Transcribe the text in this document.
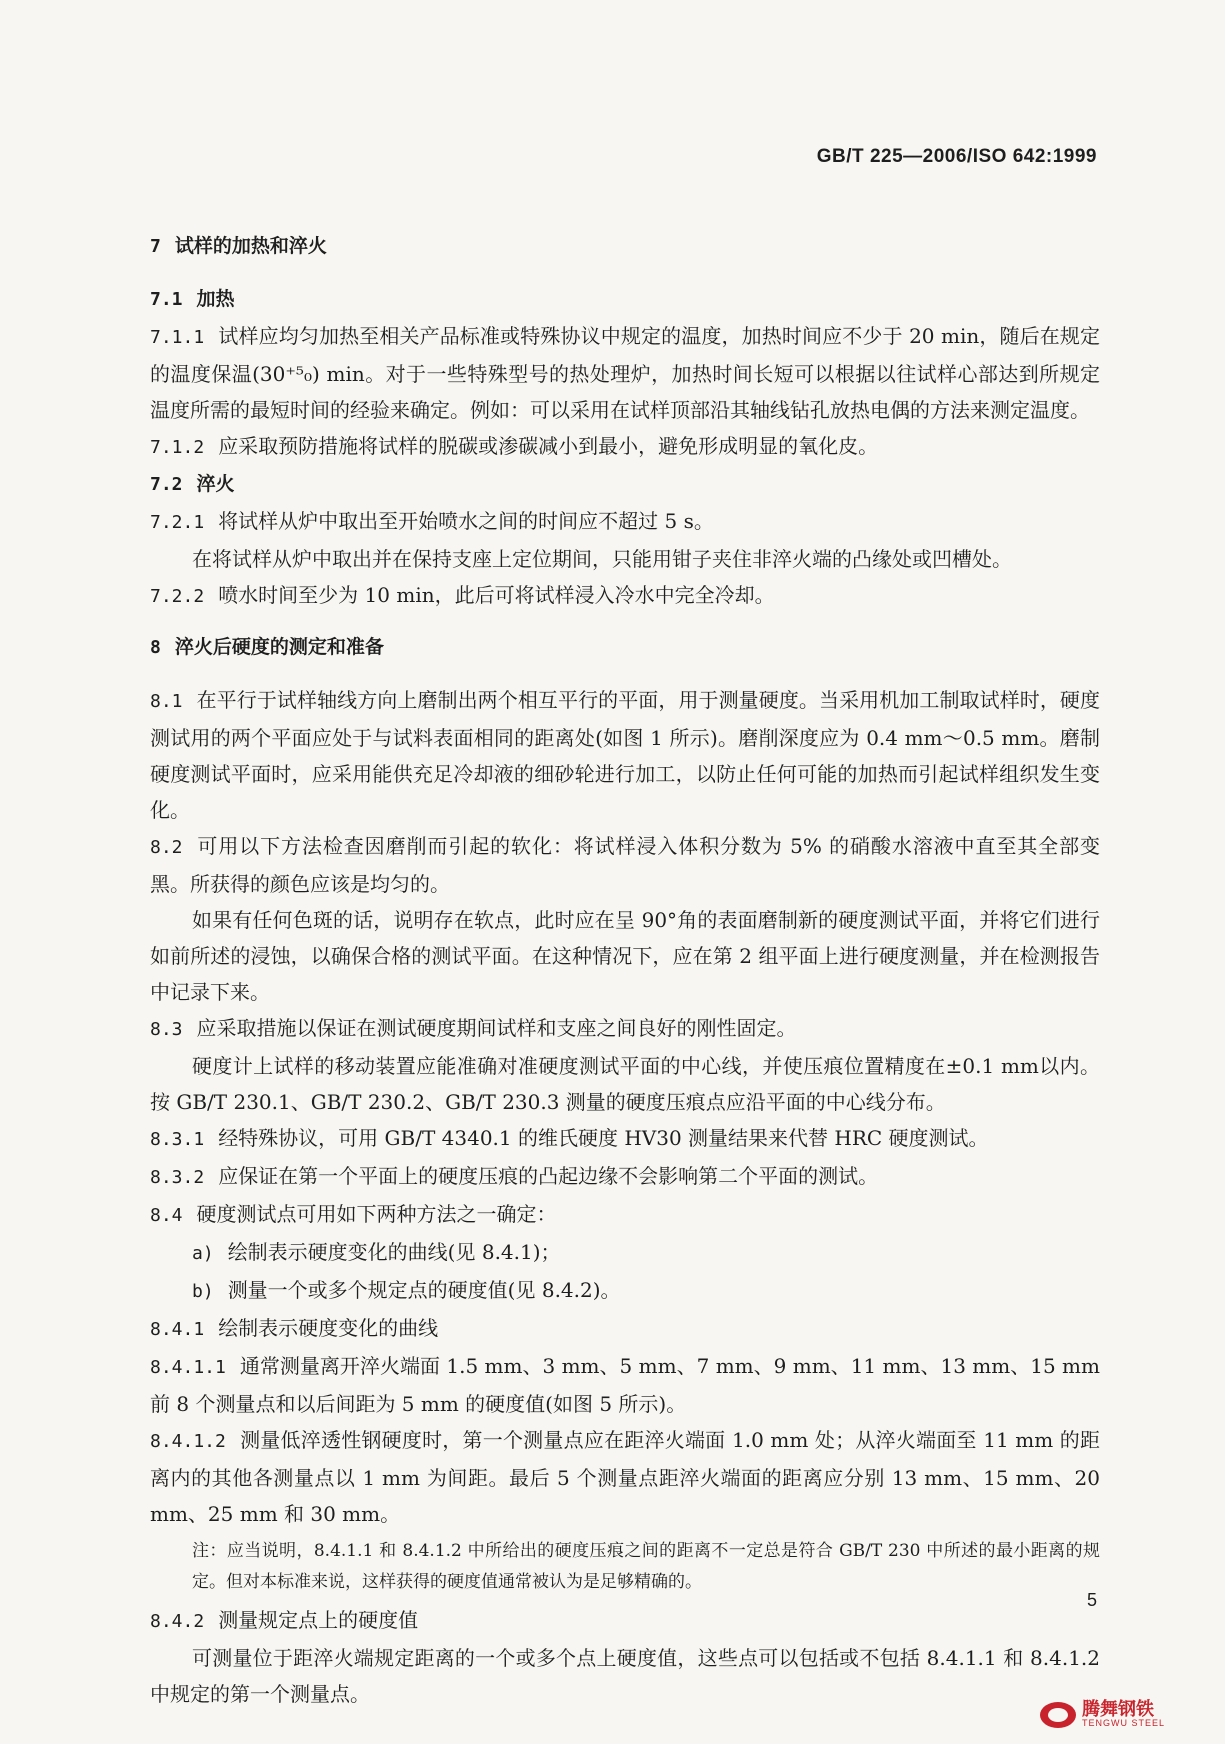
GB/T 225—2006/ISO 642:1999
7 试样的加热和淬火

7.1 加热

7.1.1 试样应均匀加热至相关产品标准或特殊协议中规定的温度，加热时间应不少于 20 min，随后在规定的温度保温(30⁺⁵₀) min。对于一些特殊型号的热处理炉，加热时间长短可以根据以往试样心部达到所规定温度所需的最短时间的经验来确定。例如：可以采用在试样顶部沿其轴线钻孔放热电偶的方法来测定温度。

7.1.2 应采取预防措施将试样的脱碳或渗碳减小到最小，避免形成明显的氧化皮。

7.2 淬火

7.2.1 将试样从炉中取出至开始喷水之间的时间应不超过 5 s。

在将试样从炉中取出并在保持支座上定位期间，只能用钳子夹住非淬火端的凸缘处或凹槽处。

7.2.2 喷水时间至少为 10 min，此后可将试样浸入冷水中完全冷却。

8 淬火后硬度的测定和准备

8.1 在平行于试样轴线方向上磨制出两个相互平行的平面，用于测量硬度。当采用机加工制取试样时，硬度测试用的两个平面应处于与试料表面相同的距离处(如图 1 所示)。磨削深度应为 0.4 mm～0.5 mm。磨制硬度测试平面时，应采用能供充足冷却液的细砂轮进行加工，以防止任何可能的加热而引起试样组织发生变化。

8.2 可用以下方法检查因磨削而引起的软化：将试样浸入体积分数为 5% 的硝酸水溶液中直至其全部变黑。所获得的颜色应该是均匀的。

如果有任何色斑的话，说明存在软点，此时应在呈 90°角的表面磨制新的硬度测试平面，并将它们进行如前所述的浸蚀，以确保合格的测试平面。在这种情况下，应在第 2 组平面上进行硬度测量，并在检测报告中记录下来。

8.3 应采取措施以保证在测试硬度期间试样和支座之间良好的刚性固定。

硬度计上试样的移动装置应能准确对准硬度测试平面的中心线，并使压痕位置精度在±0.1 mm以内。按 GB/T 230.1、GB/T 230.2、GB/T 230.3 测量的硬度压痕点应沿平面的中心线分布。

8.3.1 经特殊协议，可用 GB/T 4340.1 的维氏硬度 HV30 测量结果来代替 HRC 硬度测试。

8.3.2 应保证在第一个平面上的硬度压痕的凸起边缘不会影响第二个平面的测试。

8.4 硬度测试点可用如下两种方法之一确定：

a) 绘制表示硬度变化的曲线(见 8.4.1)；

b) 测量一个或多个规定点的硬度值(见 8.4.2)。

8.4.1 绘制表示硬度变化的曲线

8.4.1.1 通常测量离开淬火端面 1.5 mm、3 mm、5 mm、7 mm、9 mm、11 mm、13 mm、15 mm 前 8 个测量点和以后间距为 5 mm 的硬度值(如图 5 所示)。

8.4.1.2 测量低淬透性钢硬度时，第一个测量点应在距淬火端面 1.0 mm 处；从淬火端面至 11 mm 的距离内的其他各测量点以 1 mm 为间距。最后 5 个测量点距淬火端面的距离应分别 13 mm、15 mm、20 mm、25 mm 和 30 mm。

注：应当说明，8.4.1.1 和 8.4.1.2 中所给出的硬度压痕之间的距离不一定总是符合 GB/T 230 中所述的最小距离的规定。但对本标准来说，这样获得的硬度值通常被认为是足够精确的。

8.4.2 测量规定点上的硬度值

可测量位于距淬火端规定距离的一个或多个点上硬度值，这些点可以包括或不包括 8.4.1.1 和 8.4.1.2 中规定的第一个测量点。

5
腾舞钢铁
TENGWU STEEL
